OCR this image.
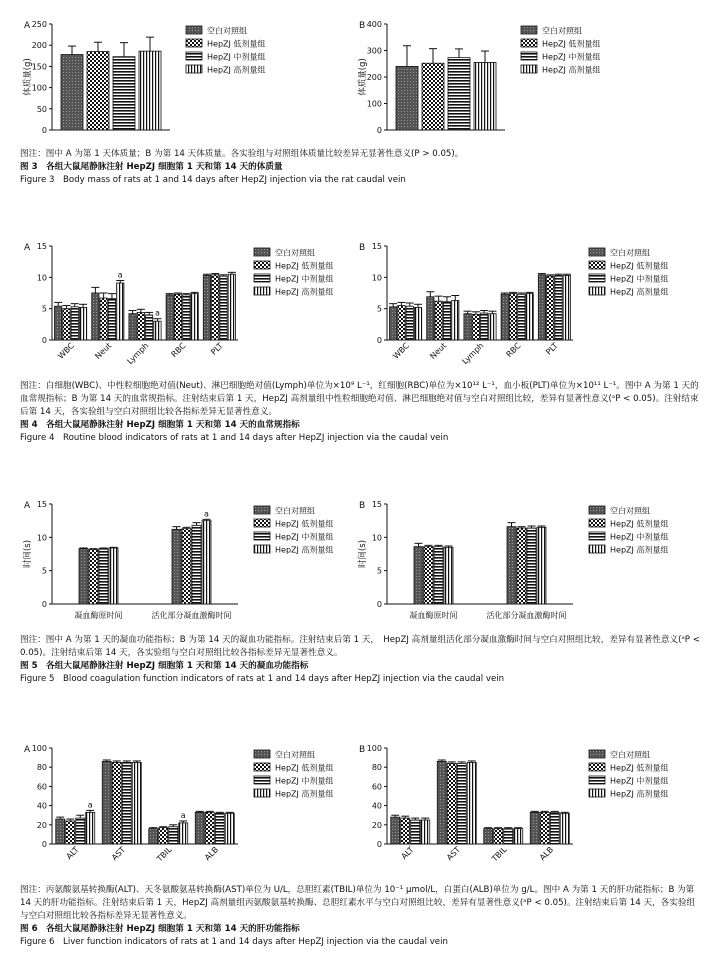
A
体质量(g)
0
50
100
150
200
250
空白对照组
HepZJ 低剂量组
HepZJ 中剂量组
HepZJ 高剂量组
B
体质量(g)
0
100
200
300
400
空白对照组
HepZJ 低剂量组
HepZJ 中剂量组
HepZJ 高剂量组

图注：图中 A 为第 1 天体质量；B 为第 14 天体质量。各实验组与对照组体质量比较差异无显著性意义(P > 0.05)。

图 3　各组大鼠尾静脉注射 HepZJ 细胞第 1 天和第 14 天的体质量

Figure 3　Body mass of rats at 1 and 14 days after HepZJ injection via the rat caudal vein

A
0
5
10
15
WBC
a
Neut
a
Lymph RBC	PLT
空白对照组
HepZJ 低剂量组
HepZJ 中剂量组
HepZJ 高剂量组
B
0
5
10
15
WBC Neut Lymph RBC	PLT
空白对照组
HepZJ 低剂量组
HepZJ 中剂量组
HepZJ 高剂量组

图注：白细胞(WBC)、中性粒细胞绝对值(Neut)、淋巴细胞绝对值(Lymph)单位为×10⁹ L⁻¹，红细胞(RBC)单位为×10¹² L⁻¹，血小板(PLT)单位为×10¹¹ L⁻¹。图中 A 为第 1 天的血常规指标；B 为第 14 天的血常规指标。注射结束后第 1 天，HepZJ 高剂量组中性粒细胞绝对值、淋巴细胞绝对值与空白对照组比较，差异有显著性意义(ᵃP < 0.05)。注射结束后第 14 天，各实验组与空白对照组比较各指标差异无显著性意义。

图 4　各组大鼠尾静脉注射 HepZJ 细胞第 1 天和第 14 天的血常规指标

Figure 4　Routine blood indicators of rats at 1 and 14 days after HepZJ injection via the caudal vein

A
时间(s)
0
5
10
15
凝血酶原时间
a
活化部分凝血激酶时间
空白对照组
HepZJ 低剂量组
HepZJ 中剂量组
HepZJ 高剂量组
B
时间(s)
0
5
10
15
凝血酶原时间	活化部分凝血激酶时间
空白对照组
HepZJ 低剂量组
HepZJ 中剂量组
HepZJ 高剂量组

图注：图中 A 为第 1 天的凝血功能指标；B 为第 14 天的凝血功能指标。注射结束后第 1 天，　HepZJ 高剂量组活化部分凝血激酶时间与空白对照组比较，差异有显著性意义(ᵃP < 0.05)。注射结束后第 14 天，各实验组与空白对照组比较各指标差异无显著性意义。

图 5　各组大鼠尾静脉注射 HepZJ 细胞第 1 天和第 14 天的凝血功能指标

Figure 5　Blood coagulation function indicators of rats at 1 and 14 days after HepZJ injection via the caudal vein

A
0
20
40
60
80
100
a
ALT	AST
a
TBIL	ALB
空白对照组
HepZJ 低剂量组
HepZJ 中剂量组
HepZJ 高剂量组
B
0
20
40
60
80
100
ALT	AST	TBIL	ALB
空白对照组
HepZJ 低剂量组
HepZJ 中剂量组
HepZJ 高剂量组

图注：丙氨酸氨基转换酶(ALT)、天冬氨酸氨基转换酶(AST)单位为 U/L，总胆红素(TBIL)单位为 10⁻¹ μmol/L，白蛋白(ALB)单位为 g/L。图中 A 为第 1 天的肝功能指标；B 为第 14 天的肝功能指标。注射结束后第 1 天，HepZJ 高剂量组丙氨酸氨基转换酶、总胆红素水平与空白对照组比较，差异有显著性意义(ᵃP < 0.05)。注射结束后第 14 天，各实验组与空白对照组比较各指标差异无显著性意义。

图 6　各组大鼠尾静脉注射 HepZJ 细胞第 1 天和第 14 天的肝功能指标

Figure 6　Liver function indicators of rats at 1 and 14 days after HepZJ injection via the caudal vein
